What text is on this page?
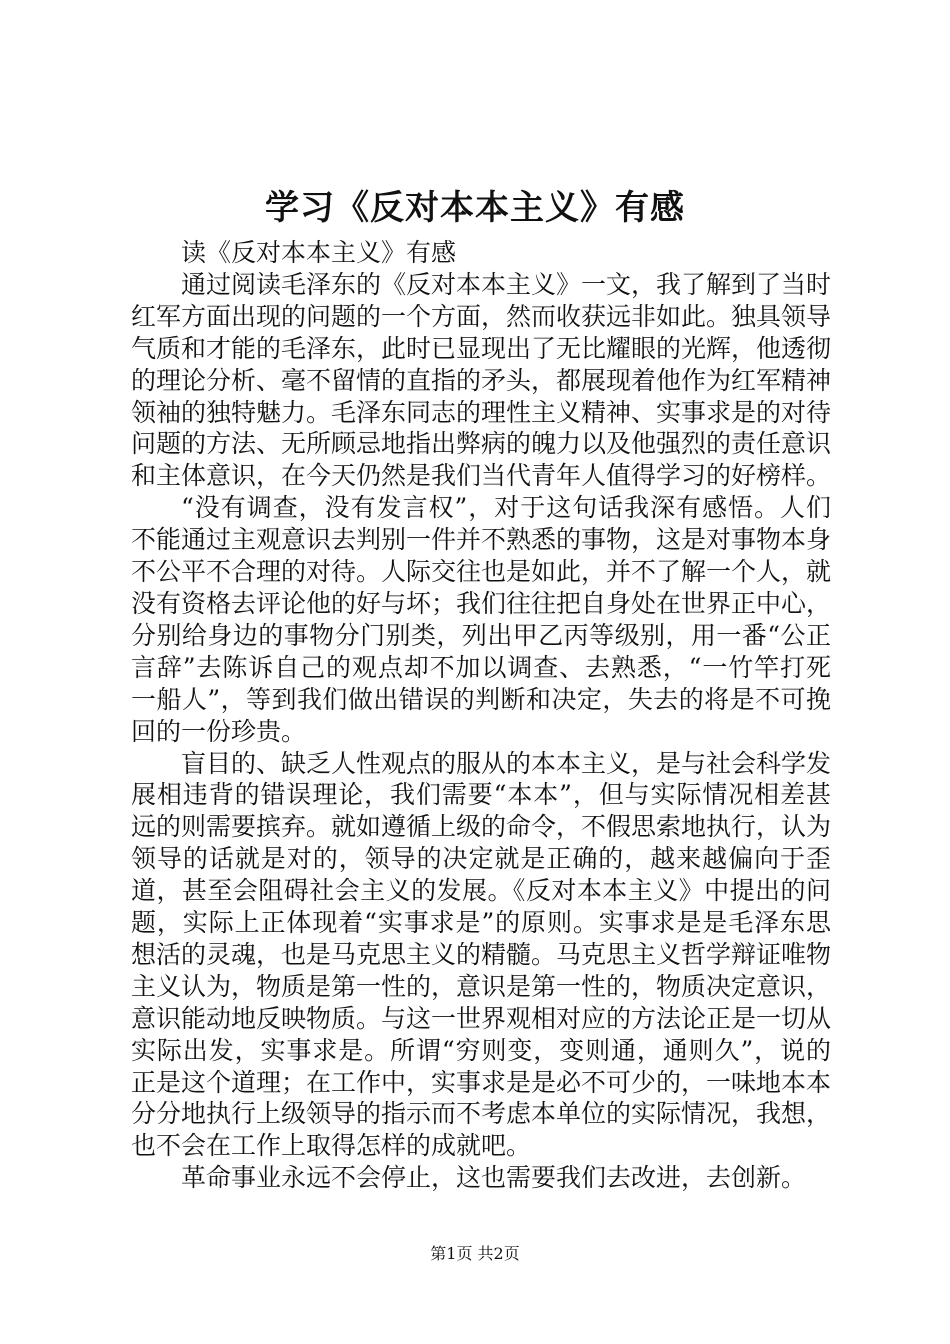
学习《反对本本主义》有感

读《反对本本主义》有感

通过阅读毛泽东的《反对本本主义》一文，我了解到了当时红军方面出现的问题的一个方面，然而收获远非如此。独具领导气质和才能的毛泽东，此时已显现出了无比耀眼的光辉，他透彻的理论分析、毫不留情的直指的矛头，都展现着他作为红军精神领袖的独特魅力。毛泽东同志的理性主义精神、实事求是的对待问题的方法、无所顾忌地指出弊病的魄力以及他强烈的责任意识和主体意识，在今天仍然是我们当代青年人值得学习的好榜样。

“没有调查，没有发言权”，对于这句话我深有感悟。人们不能通过主观意识去判别一件并不熟悉的事物，这是对事物本身不公平不合理的对待。人际交往也是如此，并不了解一个人，就没有资格去评论他的好与坏；我们往往把自身处在世界正中心，分别给身边的事物分门别类，列出甲乙丙等级别，用一番“公正言辞”去陈诉自己的观点却不加以调查、去熟悉，“一竹竿打死一船人”，等到我们做出错误的判断和决定，失去的将是不可挽回的一份珍贵。

盲目的、缺乏人性观点的服从的本本主义，是与社会科学发展相违背的错误理论，我们需要“本本”，但与实际情况相差甚远的则需要摈弃。就如遵循上级的命令，不假思索地执行，认为领导的话就是对的，领导的决定就是正确的，越来越偏向于歪道，甚至会阻碍社会主义的发展。《反对本本主义》中提出的问题，实际上正体现着“实事求是”的原则。实事求是是毛泽东思想活的灵魂，也是马克思主义的精髓。马克思主义哲学辩证唯物主义认为，物质是第一性的，意识是第一性的，物质决定意识，意识能动地反映物质。与这一世界观相对应的方法论正是一切从实际出发，实事求是。所谓“穷则变，变则通，通则久”，说的正是这个道理；在工作中，实事求是是必不可少的，一味地本本分分地执行上级领导的指示而不考虑本单位的实际情况，我想，也不会在工作上取得怎样的成就吧。

革命事业永远不会停止，这也需要我们去改进，去创新。

第1页 共2页
